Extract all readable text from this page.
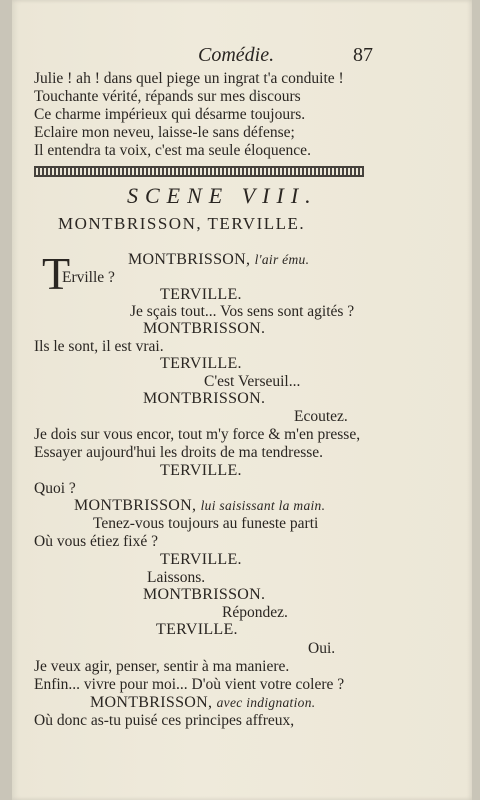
Comédie.	87
Julie ! ah ! dans quel piege un ingrat t'a conduite !
Touchante vérité, répands sur mes discours
Ce charme impérieux qui désarme toujours.
Eclaire mon neveu, laisse-le sans défense;
Il entendra ta voix, c'est ma seule éloquence.
SCENE VIII.
MONTBRISSON, TERVILLE.
T	MONTBRISSON, l'air ému.
Erville ?
TERVILLE.
Je sçais tout... Vos sens sont agités ?
MONTBRISSON.
Ils le sont, il est vrai.
TERVILLE.
C'est Verseuil...
MONTBRISSON.
Ecoutez.
Je dois sur vous encor, tout m'y force & m'en presse,
Essayer aujourd'hui les droits de ma tendresse.
TERVILLE.
Quoi ?
MONTBRISSON, lui saisissant la main.
Tenez-vous toujours au funeste parti
Où vous étiez fixé ?
TERVILLE.
Laissons.
MONTBRISSON.
Répondez.
TERVILLE.
Oui.
Je veux agir, penser, sentir à ma maniere.
Enfin... vivre pour moi... D'où vient votre colere ?
MONTBRISSON, avec indignation.
Où donc as-tu puisé ces principes affreux,
